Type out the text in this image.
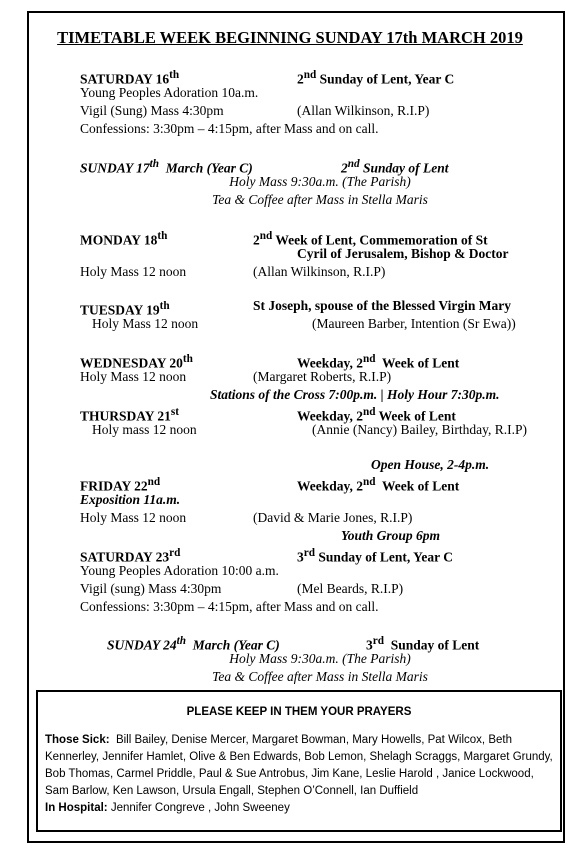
TIMETABLE WEEK BEGINNING SUNDAY 17th MARCH 2019
SATURDAY 16th	2nd Sunday of Lent, Year C
Young Peoples Adoration 10a.m.
Vigil (Sung) Mass 4:30pm	(Allan Wilkinson, R.I.P)
Confessions: 3:30pm – 4:15pm, after Mass and on call.
SUNDAY 17th March (Year C)	2nd Sunday of Lent
Holy Mass 9:30a.m. (The Parish)
Tea & Coffee after Mass in Stella Maris
MONDAY 18th	2nd Week of Lent, Commemoration of St
Cyril of Jerusalem, Bishop & Doctor
Holy Mass 12 noon	(Allan Wilkinson, R.I.P)
TUESDAY 19th	St Joseph, spouse of the Blessed Virgin Mary
Holy Mass 12 noon	(Maureen Barber, Intention (Sr Ewa))
WEDNESDAY 20th	Weekday, 2nd Week of Lent
Holy Mass 12 noon	(Margaret Roberts, R.I.P)
Stations of the Cross 7:00p.m. | Holy Hour 7:30p.m.
THURSDAY 21st	Weekday, 2nd Week of Lent
Holy mass 12 noon	(Annie (Nancy) Bailey, Birthday, R.I.P)
Open House, 2-4p.m.
FRIDAY 22nd	Weekday, 2nd Week of Lent
Exposition 11a.m.
Holy Mass 12 noon	(David & Marie Jones, R.I.P)
Youth Group 6pm
SATURDAY 23rd	3rd Sunday of Lent, Year C
Young Peoples Adoration 10:00 a.m.
Vigil (sung) Mass 4:30pm	(Mel Beards, R.I.P)
Confessions: 3:30pm – 4:15pm, after Mass and on call.
SUNDAY 24th March (Year C)	3rd Sunday of Lent
Holy Mass 9:30a.m. (The Parish)
Tea & Coffee after Mass in Stella Maris
PLEASE KEEP IN THEM YOUR PRAYERS
Those Sick: Bill Bailey, Denise Mercer, Margaret Bowman, Mary Howells, Pat Wilcox, Beth Kennerley, Jennifer Hamlet, Olive & Ben Edwards, Bob Lemon, Shelagh Scraggs, Margaret Grundy, Bob Thomas, Carmel Priddle, Paul & Sue Antrobus, Jim Kane, Leslie Harold , Janice Lockwood, Sam Barlow, Ken Lawson, Ursula Engall, Stephen O’Connell, Ian Duffield
In Hospital: Jennifer Congreve , John Sweeney
